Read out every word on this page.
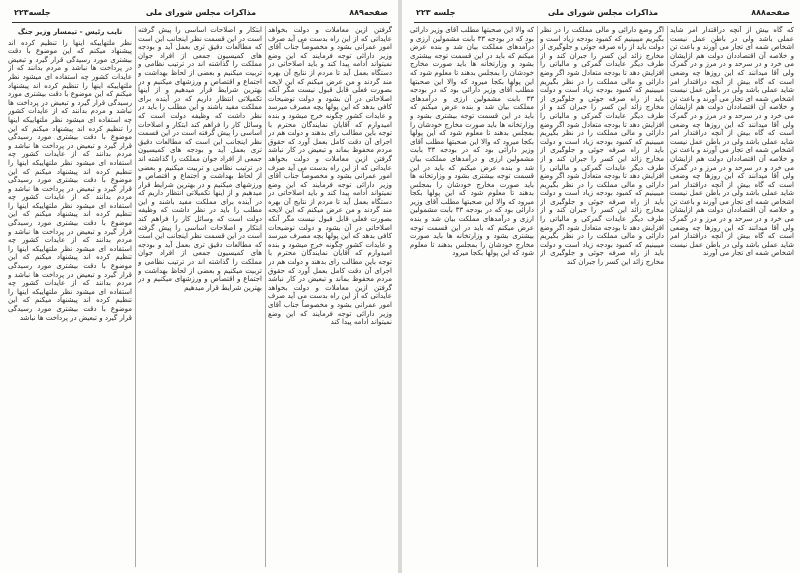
صفحه۸۸۹
مذاکرات مجلس شورای ملی
جلسه۲۲۳
گرفتن ازین معاملات و دولت بخواهد عایداتی که از این راه بدست می آید صرف امور عمرانی بشود و مخصوصاً جناب آقای وزیر دارائی توجه فرمایند که این وضع نمیتواند ادامه پیدا کند و باید اصلاحاتی در دستگاه بعمل آید تا مردم از نتایج آن بهره مند گردند و من عرض میکنم که این لایحه بصورت فعلی قابل قبول نیست مگر آنکه اصلاحاتی در آن بشود و دولت توضیحات کافی بدهد که این پولها بچه مصرف میرسد و عایدات کشور چگونه خرج میشود و بنده امیدوارم که آقایان نمایندگان محترم با توجه باین مطالب رای بدهند و دولت هم در اجرای آن دقت کامل بعمل آورد که حقوق مردم محفوظ بماند و تبعیض در کار نباشد گرفتن ازین معاملات و دولت بخواهد عایداتی که از این راه بدست می آید صرف امور عمرانی بشود و مخصوصاً جناب آقای وزیر دارائی توجه فرمایند که این وضع نمیتواند ادامه پیدا کند و باید اصلاحاتی در دستگاه بعمل آید تا مردم از نتایج آن بهره مند گردند و من عرض میکنم که این لایحه بصورت فعلی قابل قبول نیست مگر آنکه اصلاحاتی در آن بشود و دولت توضیحات کافی بدهد که این پولها بچه مصرف میرسد و عایدات کشور چگونه خرج میشود و بنده امیدوارم که آقایان نمایندگان محترم با توجه باین مطالب رای بدهند و دولت هم در اجرای آن دقت کامل بعمل آورد که حقوق مردم محفوظ بماند و تبعیض در کار نباشد گرفتن ازین معاملات و دولت بخواهد عایداتی که از این راه بدست می آید صرف امور عمرانی بشود و مخصوصاً جناب آقای وزیر دارائی توجه فرمایند که این وضع نمیتواند ادامه پیدا کند
ابتکار و اصلاحات اساسی را پیش گرفته است در این قسمت نظر اینجانب این است که مطالعات دقیق تری بعمل آید و بودجه های کمیسیون جمعی از افراد جوان مملکت را گذاشته اند در ترتیب نظامی و تربیت میکنیم و بعضی از لحاظ بهداشت و اجتماع و اقتصاص و ورزشهای میکنیم و در بهترین شرایط قرار میدهیم و از اینها تکمیلاتی انتظار داریم که در آینده برای مملکت مفید باشند و این مطلب را باید در نظر داشت که وظیفه دولت است که وسائل کار را فراهم کند ابتکار و اصلاحات اساسی را پیش گرفته است در این قسمت نظر اینجانب این است که مطالعات دقیق تری بعمل آید و بودجه های کمیسیون جمعی از افراد جوان مملکت را گذاشته اند در ترتیب نظامی و تربیت میکنیم و بعضی از لحاظ بهداشت و اجتماع و اقتصاص و ورزشهای میکنیم و در بهترین شرایط قرار میدهیم و از اینها تکمیلاتی انتظار داریم که در آینده برای مملکت مفید باشند و این مطلب را باید در نظر داشت که وظیفه دولت است که وسائل کار را فراهم کند ابتکار و اصلاحات اساسی را پیش گرفته است در این قسمت نظر اینجانب این است که مطالعات دقیق تری بعمل آید و بودجه های کمیسیون جمعی از افراد جوان مملکت را گذاشته اند در ترتیب نظامی و تربیت میکنیم و بعضی از لحاظ بهداشت و اجتماع و اقتصاص و ورزشهای میکنیم و در بهترین شرایط قرار میدهیم
نایب رئیس - تیمسار وزیر جنگ
نظر ملتهاییکه اینها را تنظیم کرده اند پیشنهاد میکنم که این موضوع با دقت بیشتری مورد رسیدگی قرار گیرد و تبعیض در پرداخت ها نباشد و مردم بدانند که از عایدات کشور چه استفاده ای میشود نظر ملتهاییکه اینها را تنظیم کرده اند پیشنهاد میکنم که این موضوع با دقت بیشتری مورد رسیدگی قرار گیرد و تبعیض در پرداخت ها نباشد و مردم بدانند که از عایدات کشور چه استفاده ای میشود نظر ملتهاییکه اینها را تنظیم کرده اند پیشنهاد میکنم که این موضوع با دقت بیشتری مورد رسیدگی قرار گیرد و تبعیض در پرداخت ها نباشد و مردم بدانند که از عایدات کشور چه استفاده ای میشود نظر ملتهاییکه اینها را تنظیم کرده اند پیشنهاد میکنم که این موضوع با دقت بیشتری مورد رسیدگی قرار گیرد و تبعیض در پرداخت ها نباشد و مردم بدانند که از عایدات کشور چه استفاده ای میشود نظر ملتهاییکه اینها را تنظیم کرده اند پیشنهاد میکنم که این موضوع با دقت بیشتری مورد رسیدگی قرار گیرد و تبعیض در پرداخت ها نباشد و مردم بدانند که از عایدات کشور چه استفاده ای میشود نظر ملتهاییکه اینها را تنظیم کرده اند پیشنهاد میکنم که این موضوع با دقت بیشتری مورد رسیدگی قرار گیرد و تبعیض در پرداخت ها نباشد و مردم بدانند که از عایدات کشور چه استفاده ای میشود نظر ملتهاییکه اینها را تنظیم کرده اند پیشنهاد میکنم که این موضوع با دقت بیشتری مورد رسیدگی قرار گیرد و تبعیض در پرداخت ها نباشد
صفحه۸۸۸
مذاکرات مجلس شورای ملی
جلسه ۲۲۳
که گاه بیش از آنچه دراقتدار امر شاید عملی باشد ولی در باطن عمل نیست اشخاص شمه ای تجار می آورند و باعث تن و خلاصه آن اقتصاددان دولت هم ازایشان می خرد و در سرحد و در مرز و در گمرک ولی آقا میدانند که این روزها چه وضعی است که گاه بیش از آنچه دراقتدار امر شاید عملی باشد ولی در باطن عمل نیست اشخاص شمه ای تجار می آورند و باعث تن و خلاصه آن اقتصاددان دولت هم ازایشان می خرد و در سرحد و در مرز و در گمرک ولی آقا میدانند که این روزها چه وضعی است که گاه بیش از آنچه دراقتدار امر شاید عملی باشد ولی در باطن عمل نیست اشخاص شمه ای تجار می آورند و باعث تن و خلاصه آن اقتصاددان دولت هم ازایشان می خرد و در سرحد و در مرز و در گمرک ولی آقا میدانند که این روزها چه وضعی است که گاه بیش از آنچه دراقتدار امر شاید عملی باشد ولی در باطن عمل نیست اشخاص شمه ای تجار می آورند و باعث تن و خلاصه آن اقتصاددان دولت هم ازایشان می خرد و در سرحد و در مرز و در گمرک ولی آقا میدانند که این روزها چه وضعی است که گاه بیش از آنچه دراقتدار امر شاید عملی باشد ولی در باطن عمل نیست اشخاص شمه ای تجار می آورند
اگر وضع دارائی و مالی مملکت را در نظر بگیریم میبینیم که کمبود بودجه زیاد است و دولت باید از راه صرفه جوئی و جلوگیری از مخارج زائد این کسر را جبران کند و از طرف دیگر عایدات گمرکی و مالیاتی را افزایش دهد تا بودجه متعادل شود اگر وضع دارائی و مالی مملکت را در نظر بگیریم میبینیم که کمبود بودجه زیاد است و دولت باید از راه صرفه جوئی و جلوگیری از مخارج زائد این کسر را جبران کند و از طرف دیگر عایدات گمرکی و مالیاتی را افزایش دهد تا بودجه متعادل شود اگر وضع دارائی و مالی مملکت را در نظر بگیریم میبینیم که کمبود بودجه زیاد است و دولت باید از راه صرفه جوئی و جلوگیری از مخارج زائد این کسر را جبران کند و از طرف دیگر عایدات گمرکی و مالیاتی را افزایش دهد تا بودجه متعادل شود اگر وضع دارائی و مالی مملکت را در نظر بگیریم میبینیم که کمبود بودجه زیاد است و دولت باید از راه صرفه جوئی و جلوگیری از مخارج زائد این کسر را جبران کند و از طرف دیگر عایدات گمرکی و مالیاتی را افزایش دهد تا بودجه متعادل شود اگر وضع دارائی و مالی مملکت را در نظر بگیریم میبینیم که کمبود بودجه زیاد است و دولت باید از راه صرفه جوئی و جلوگیری از مخارج زائد این کسر را جبران کند
که والا این صحبتها مطلب آقای وزیر دارائی بود که در بودجه ۳۳ بابت مشمولین ارزی و درآمدهای مملکت بیان شد و بنده عرض میکنم که باید در این قسمت توجه بیشتری بشود و وزارتخانه ها باید صورت مخارج خودشان را بمجلس بدهند تا معلوم شود که این پولها بکجا میرود که والا این صحبتها مطلب آقای وزیر دارائی بود که در بودجه ۳۳ بابت مشمولین ارزی و درآمدهای مملکت بیان شد و بنده عرض میکنم که باید در این قسمت توجه بیشتری بشود و وزارتخانه ها باید صورت مخارج خودشان را بمجلس بدهند تا معلوم شود که این پولها بکجا میرود که والا این صحبتها مطلب آقای وزیر دارائی بود که در بودجه ۳۳ بابت مشمولین ارزی و درآمدهای مملکت بیان شد و بنده عرض میکنم که باید در این قسمت توجه بیشتری بشود و وزارتخانه ها باید صورت مخارج خودشان را بمجلس بدهند تا معلوم شود که این پولها بکجا میرود که والا این صحبتها مطلب آقای وزیر دارائی بود که در بودجه ۳۳ بابت مشمولین ارزی و درآمدهای مملکت بیان شد و بنده عرض میکنم که باید در این قسمت توجه بیشتری بشود و وزارتخانه ها باید صورت مخارج خودشان را بمجلس بدهند تا معلوم شود که این پولها بکجا میرود
